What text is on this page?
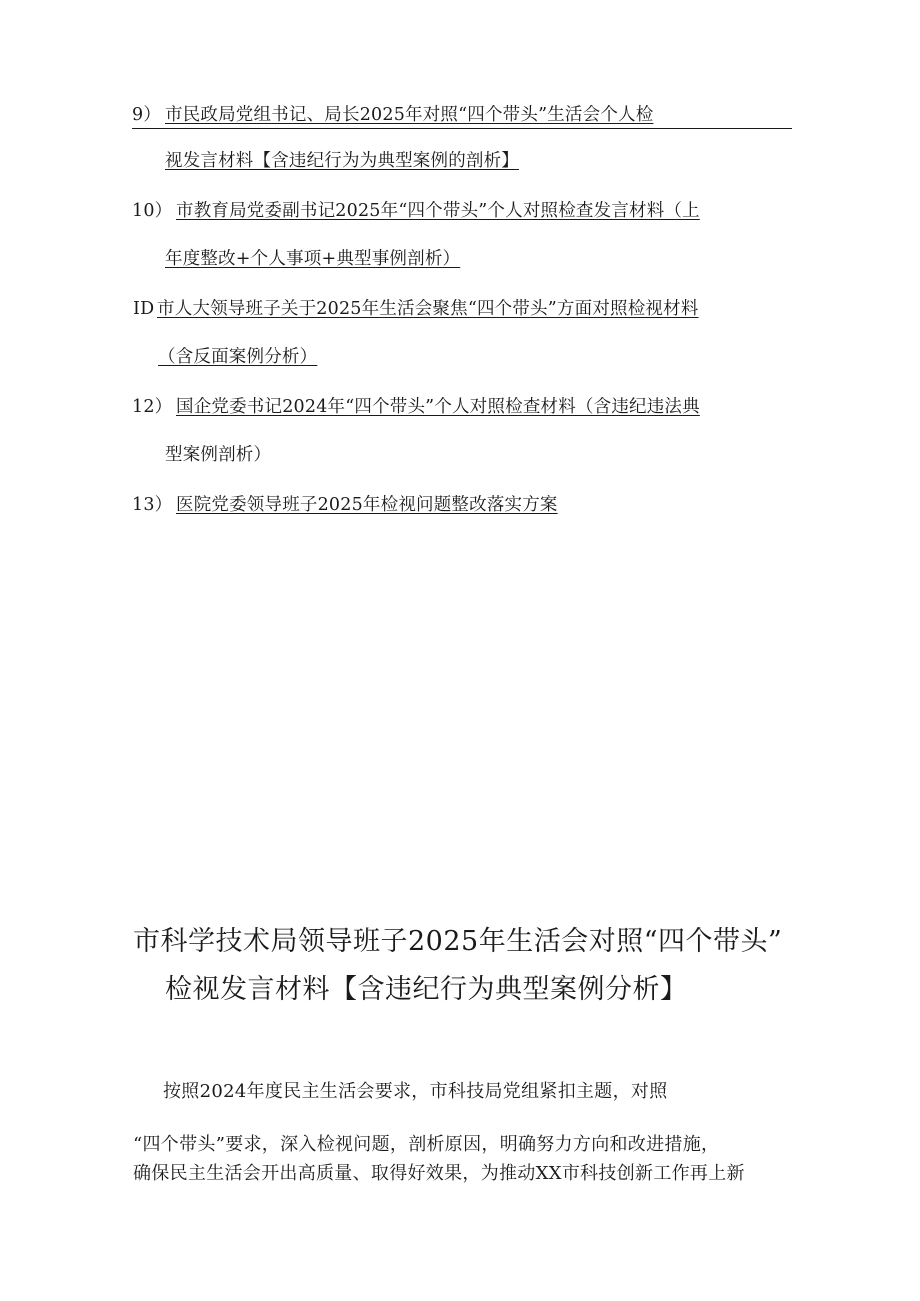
9） 市民政局党组书记、局长2025年对照“四个带头”生活会个人检
视发言材料【含违纪行为为典型案例的剖析】
10） 市教育局党委副书记2025年“四个带头”个人对照检查发言材料（上
年度整改+个人事项+典型事例剖析）
ID 市人大领导班子关于2025年生活会聚焦“四个带头”方面对照检视材料
（含反面案例分析）
12） 国企党委书记2024年“四个带头”个人对照检查材料（含违纪违法典
型案例剖析）
13） 医院党委领导班子2025年检视问题整改落实方案
市科学技术局领导班子2025年生活会对照“四个带头”
检视发言材料【含违纪行为典型案例分析】
按照2024年度民主生活会要求，市科技局党组紧扣主题，对照
“四个带头”要求，深入检视问题，剖析原因，明确努力方向和改进措施，
确保民主生活会开出高质量、取得好效果，为推动XX市科技创新工作再上新
